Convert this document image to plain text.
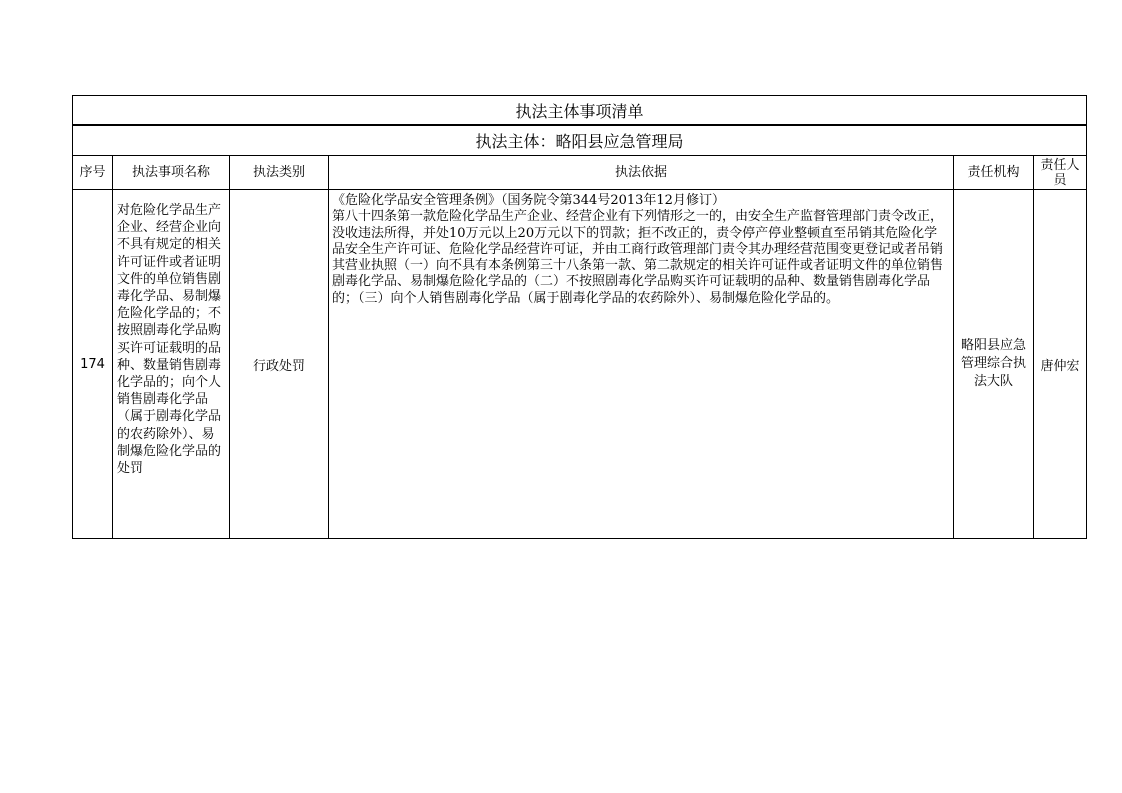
执法主体事项清单					
执法主体：略阳县应急管理局					
序号	执法事项名称	执法类别	执法依据	责任机构	责任人员
174	对危险化学品生产企业、经营企业向不具有规定的相关许可证件或者证明文件的单位销售剧毒化学品、易制爆危险化学品的；不按照剧毒化学品购买许可证载明的品种、数量销售剧毒化学品的；向个人销售剧毒化学品（属于剧毒化学品的农药除外）、易制爆危险化学品的处罚	行政处罚	《危险化学品安全管理条例》（国务院令第344号2013年12月修订）
第八十四条第一款危险化学品生产企业、经营企业有下列情形之一的，由安全生产监督管理部门责令改正，没收违法所得，并处10万元以上20万元以下的罚款；拒不改正的，责令停产停业整顿直至吊销其危险化学品安全生产许可证、危险化学品经营许可证，并由工商行政管理部门责令其办理经营范围变更登记或者吊销其营业执照（一）向不具有本条例第三十八条第一款、第二款规定的相关许可证件或者证明文件的单位销售剧毒化学品、易制爆危险化学品的（二）不按照剧毒化学品购买许可证载明的品种、数量销售剧毒化学品的；（三）向个人销售剧毒化学品（属于剧毒化学品的农药除外）、易制爆危险化学品的。	略阳县应急管理综合执法大队	唐仲宏
